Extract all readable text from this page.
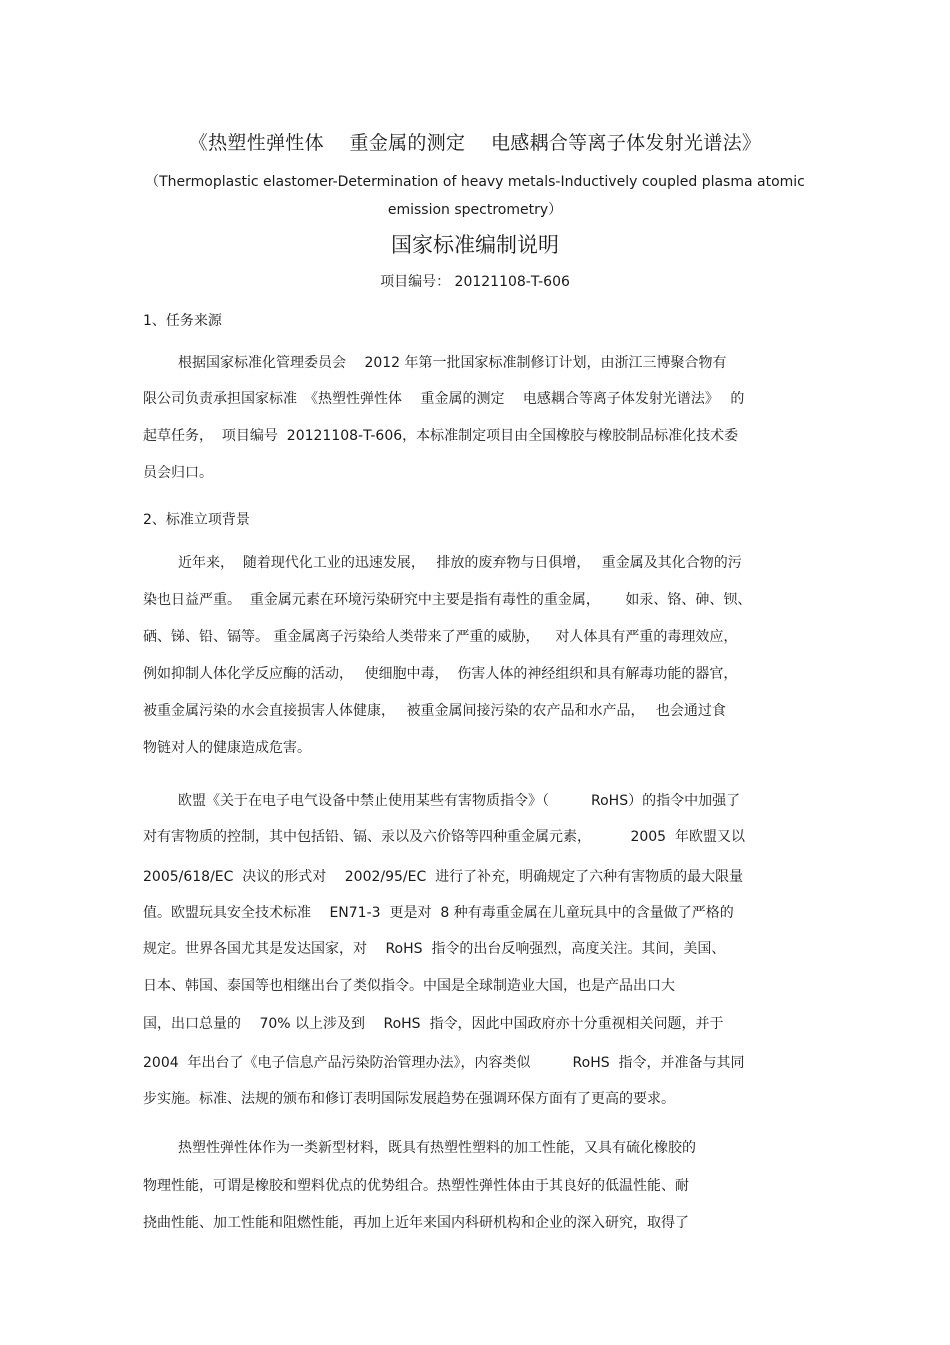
《热塑性弹性体　 重金属的测定　 电感耦合等离子体发射光谱法》
（Thermoplastic elastomer-Determination of heavy metals-Inductively coupled plasma atomic
emission spectrometry）
国家标准编制说明
项目编号： 20121108-T-606
1、任务来源
根据国家标准化管理委员会　 2012 年第一批国家标准制修订计划，由浙江三博聚合物有
限公司负责承担国家标准　《热塑性弹性体　 重金属的测定　 电感耦合等离子体发射光谱法》　 的
起草任务，  项目编号  20121108-T-606，本标准制定项目由全国橡胶与橡胶制品标准化技术委
员会归口。
2、标准立项背景
近年来，  随着现代化工业的迅速发展，　 排放的废弃物与日俱增，　 重金属及其化合物的污
染也日益严重。  重金属元素在环境污染研究中主要是指有毒性的重金属，　　 如汞、铬、砷、钡、
硒、锑、铅、镉等。 重金属离子污染给人类带来了严重的威胁，　  对人体具有严重的毒理效应，
例如抑制人体化学反应酶的活动，　 使细胞中毒，  伤害人体的神经组织和具有解毒功能的器官，
被重金属污染的水会直接损害人体健康，　 被重金属间接污染的农产品和水产品，　 也会通过食
物链对人的健康造成危害。
欧盟《关于在电子电气设备中禁止使用某些有害物质指令》（　　　RoHS）的指令中加强了
对有害物质的控制，其中包括铅、镉、汞以及六价铬等四种重金属元素，　　　 2005  年欧盟又以
2005/618/EC  决议的形式对　 2002/95/EC  进行了补充，明确规定了六种有害物质的最大限量
值。欧盟玩具安全技术标准　 EN71-3  更是对  8 种有毒重金属在儿童玩具中的含量做了严格的
规定。世界各国尤其是发达国家，对　 RoHS  指令的出台反响强烈，高度关注。其间，美国、
日本、韩国、泰国等也相继出台了类似指令。中国是全球制造业大国，也是产品出口大
国，出口总量的　 70% 以上涉及到　 RoHS  指令，因此中国政府亦十分重视相关问题，并于
2004  年出台了《电子信息产品污染防治管理办法》，内容类似　　　RoHS  指令，并准备与其同
步实施。标准、法规的颁布和修订表明国际发展趋势在强调环保方面有了更高的要求。
热塑性弹性体作为一类新型材料，既具有热塑性塑料的加工性能，又具有硫化橡胶的
物理性能，可谓是橡胶和塑料优点的优势组合。热塑性弹性体由于其良好的低温性能、耐
挠曲性能、加工性能和阻燃性能，再加上近年来国内科研机构和企业的深入研究，取得了
